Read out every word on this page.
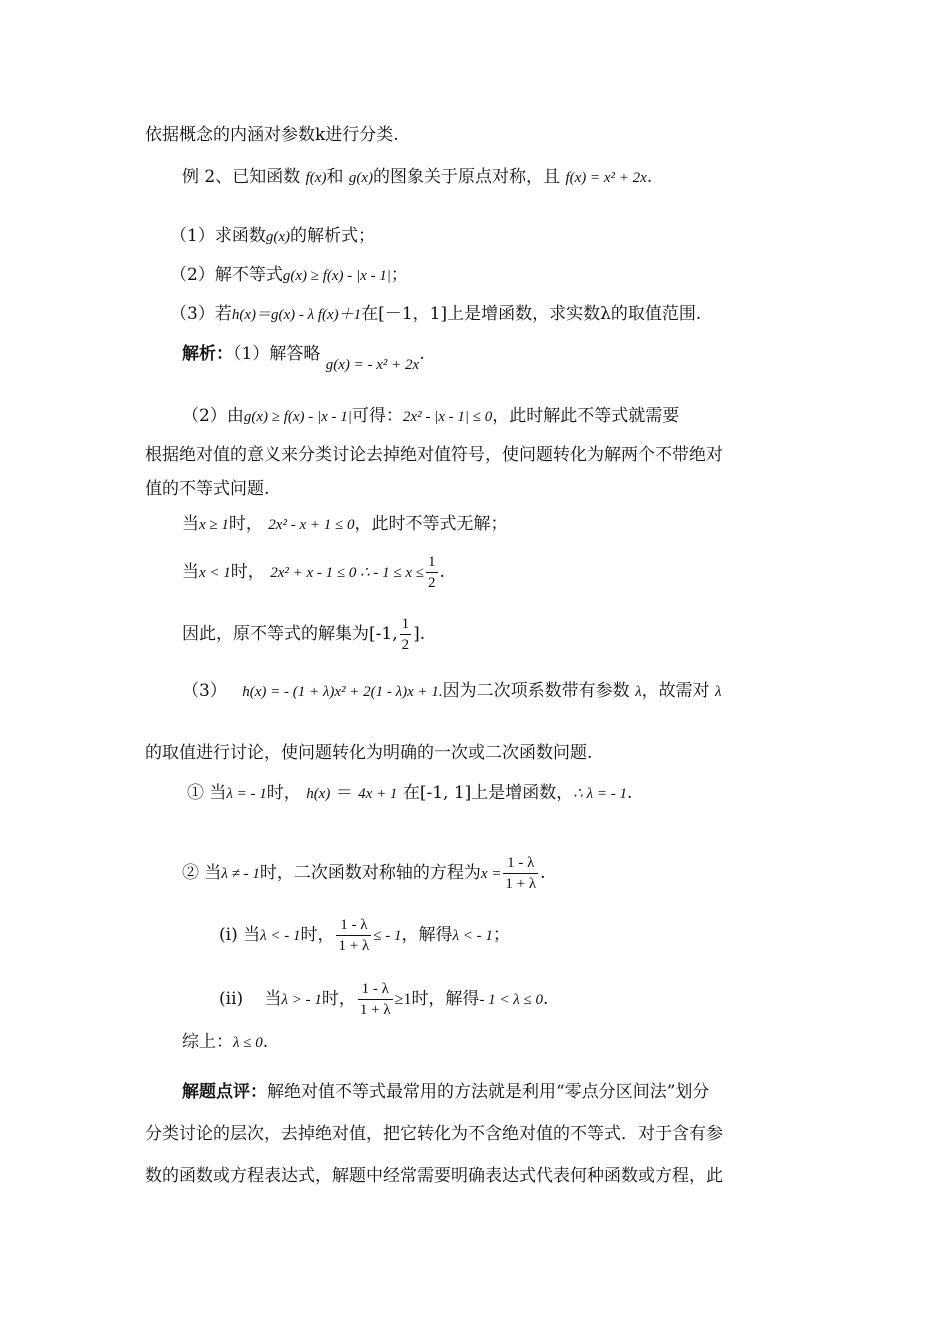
依据概念的内涵对参数k进行分类.
例 2、已知函数 f(x)和 g(x)的图象关于原点对称，且 f(x) = x² + 2x.
（1）求函数g(x)的解析式；
（2）解不等式g(x) ≥ f(x) - |x - 1|；
（3）若h(x)＝g(x) - λ f(x)＋1在[－1，1]上是增函数，求实数λ的取值范围.
解析：（1）解答略 g(x) = - x² + 2x.
（2）由g(x) ≥ f(x) - |x - 1|可得：2x² - |x - 1| ≤ 0，此时解此不等式就需要
根据绝对值的意义来分类讨论去掉绝对值符号，使问题转化为解两个不带绝对
值的不等式问题.
当x ≥ 1时， 2x² - x + 1 ≤ 0，此时不等式无解；
当x < 1时， 2x² + x - 1 ≤ 0 ∴ - $1 \le x \le \frac{1}{2}$ .
因此，原不等式的解集为[-1, $\frac{1}{2}$ ].
（3） h(x) = - (1 + λ)x² + 2(1 - λ)x + 1.因为二次项系数带有参数 λ，故需对 λ
的取值进行讨论，使问题转化为明确的一次或二次函数问题.
① 当λ = - 1时， h(x) ＝ 4x + 1 在[-1, 1]上是增函数，∴ λ = - 1.
② 当λ ≠ - 1时，二次函数对称轴的方程为$x = \frac{1 - \lambda}{1 + \lambda}$ .
(i) 当λ < - 1时， $\frac{1 - \lambda}{1 + \lambda}$ ≤ - 1，解得λ < - 1；
(ii) 当λ > - 1时， $\frac{1 - \lambda}{1 + \lambda} \ge 1$时，解得- 1 < λ ≤ 0.
综上：λ ≤ 0.
解题点评：解绝对值不等式最常用的方法就是利用“零点分区间法”划分
分类讨论的层次，去掉绝对值，把它转化为不含绝对值的不等式．对于含有参
数的函数或方程表达式，解题中经常需要明确表达式代表何种函数或方程，此
